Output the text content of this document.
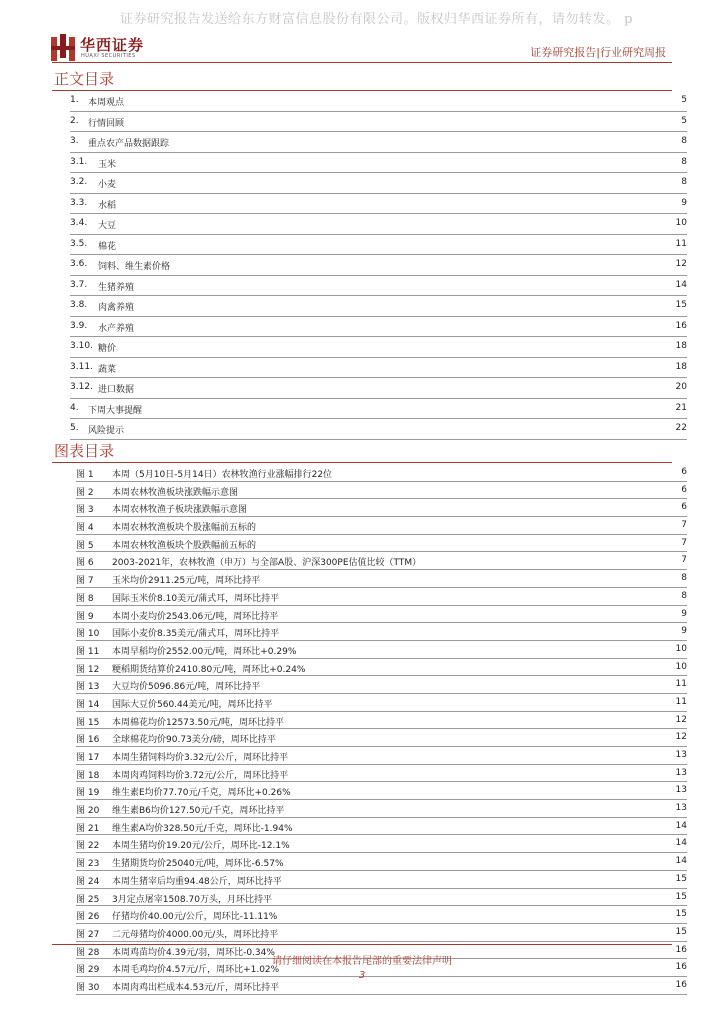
证券研究报告发送给东方财富信息股份有限公司。版权归华西证券所有，请勿转发。 p
华西证券
HUAXI SECURITIES	证券研究报告|行业研究周报
正文目录
1. 本周观点	5
2. 行情回顾	5
3. 重点农产品数据跟踪	8
3.1. 玉米	8
3.2. 小麦	8
3.3. 水稻	9
3.4. 大豆	10
3.5. 棉花	11
3.6. 饲料、维生素价格	12
3.7. 生猪养殖	14
3.8. 肉禽养殖	15
3.9. 水产养殖	16
3.10. 糖价	18
3.11. 蔬菜	18
3.12. 进口数据	20
4. 下周大事提醒	21
5. 风险提示	22
图表目录
图 1 本周（5月10日-5月14日）农林牧渔行业涨幅排行22位	6
图 2 本周农林牧渔板块涨跌幅示意图	6
图 3 本周农林牧渔子板块涨跌幅示意图	6
图 4 本周农林牧渔板块个股涨幅前五标的	7
图 5 本周农林牧渔板块个股跌幅前五标的	7
图 6 2003-2021年，农林牧渔（申万）与全部A股、沪深300PE估值比较（TTM）	7
图 7 玉米均价2911.25元/吨，周环比持平	8
图 8 国际玉米价8.10美元/蒲式耳，周环比持平	8
图 9 本周小麦均价2543.06元/吨，周环比持平	9
图 10 国际小麦价8.35美元/蒲式耳，周环比持平	9
图 11 本周早稻均价2552.00元/吨，周环比+0.29%	10
图 12 粳稻期货结算价2410.80元/吨，周环比+0.24%	10
图 13 大豆均价5096.86元/吨，周环比持平	11
图 14 国际大豆价560.44美元/吨，周环比持平	11
图 15 本周棉花均价12573.50元/吨，周环比持平	12
图 16 全球棉花均价90.73美分/磅，周环比持平	12
图 17 本周生猪饲料均价3.32元/公斤，周环比持平	13
图 18 本周肉鸡饲料均价3.72元/公斤，周环比持平	13
图 19 维生素E均价77.70元/千克，周环比+0.26%	13
图 20 维生素B6均价127.50元/千克，周环比持平	13
图 21 维生素A均价328.50元/千克，周环比-1.94%	14
图 22 本周生猪均价19.20元/公斤，周环比-12.1%	14
图 23 生猪期货均价25040元/吨，周环比-6.57%	14
图 24 本周生猪宰后均重94.48公斤，周环比持平	15
图 25 3月定点屠宰1508.70万头，月环比持平	15
图 26 仔猪均价40.00元/公斤，周环比-11.11%	15
图 27 二元母猪均价4000.00元/头，周环比持平	15
图 28 本周鸡苗均价4.39元/羽，周环比-0.34%	16
图 29 本周毛鸡均价4.57元/斤，周环比+1.02%	16
图 30 本周肉鸡出栏成本4.53元/斤，周环比持平	16
请仔细阅读在本报告尾部的重要法律声明
3
